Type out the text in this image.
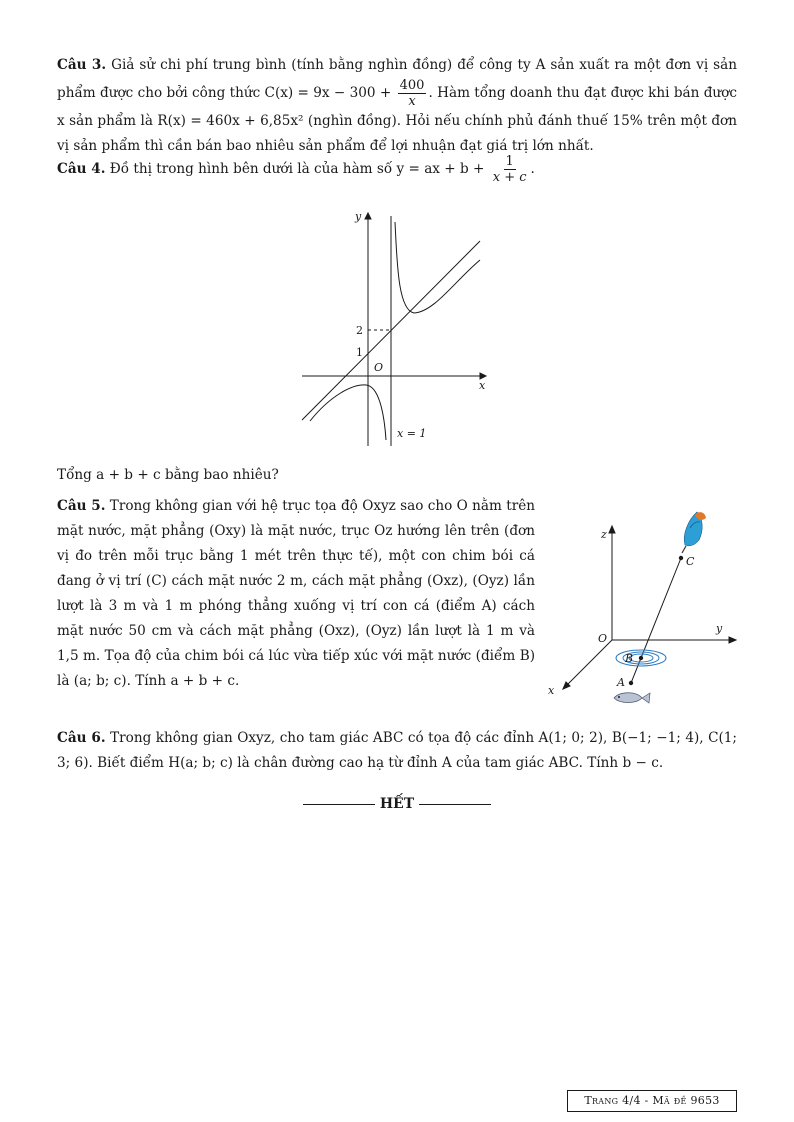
Câu 3. Giả sử chi phí trung bình (tính bằng nghìn đồng) để công ty A sản xuất ra một đơn vị sản phẩm được cho bởi công thức $C(x) = 9x - 300 + \frac{400}{x}$ . Hàm tổng doanh thu đạt được khi bán được x sản phẩm là R(x) = 460x + 6,85x² (nghìn đồng). Hỏi nếu chính phủ đánh thuế 15% trên một đơn vị sản phẩm thì cần bán bao nhiêu sản phẩm để lợi nhuận đạt giá trị lớn nhất.
Câu 4. Đồ thị trong hình bên dưới là của hàm số y = ax + $b + \frac{1}{x + c}$ .
y
x
O
2
1
x = 1
Tổng a + b + c bằng bao nhiêu?
Câu 5. Trong không gian với hệ trục tọa độ Oxyz sao cho O nằm trên mặt nước, mặt phẳng (Oxy) là mặt nước, trục Oz hướng lên trên (đơn vị đo trên mỗi trục bằng 1 mét trên thực tế), một con chim bói cá đang ở vị trí (C) cách mặt nước 2 m, cách mặt phẳng (Oxz), (Oyz) lần lượt là 3 m và 1 m phóng thẳng xuống vị trí con cá (điểm A) cách mặt nước 50 cm và cách mặt phẳng (Oxz), (Oyz) lần lượt là 1 m và 1,5 m. Tọa độ của chim bói cá lúc vừa tiếp xúc với mặt nước (điểm B) là (a; b; c). Tính a + b + c.
z
y
x
O
C
B
A
Câu 6. Trong không gian Oxyz, cho tam giác ABC có tọa độ các đỉnh A(1; 0; 2), B(−1; −1; 4), C(1; 3; 6). Biết điểm H(a; b; c) là chân đường cao hạ từ đỉnh A của tam giác ABC. Tính b − c.
HẾT
Trang 4/4 - Mã đề 9653
